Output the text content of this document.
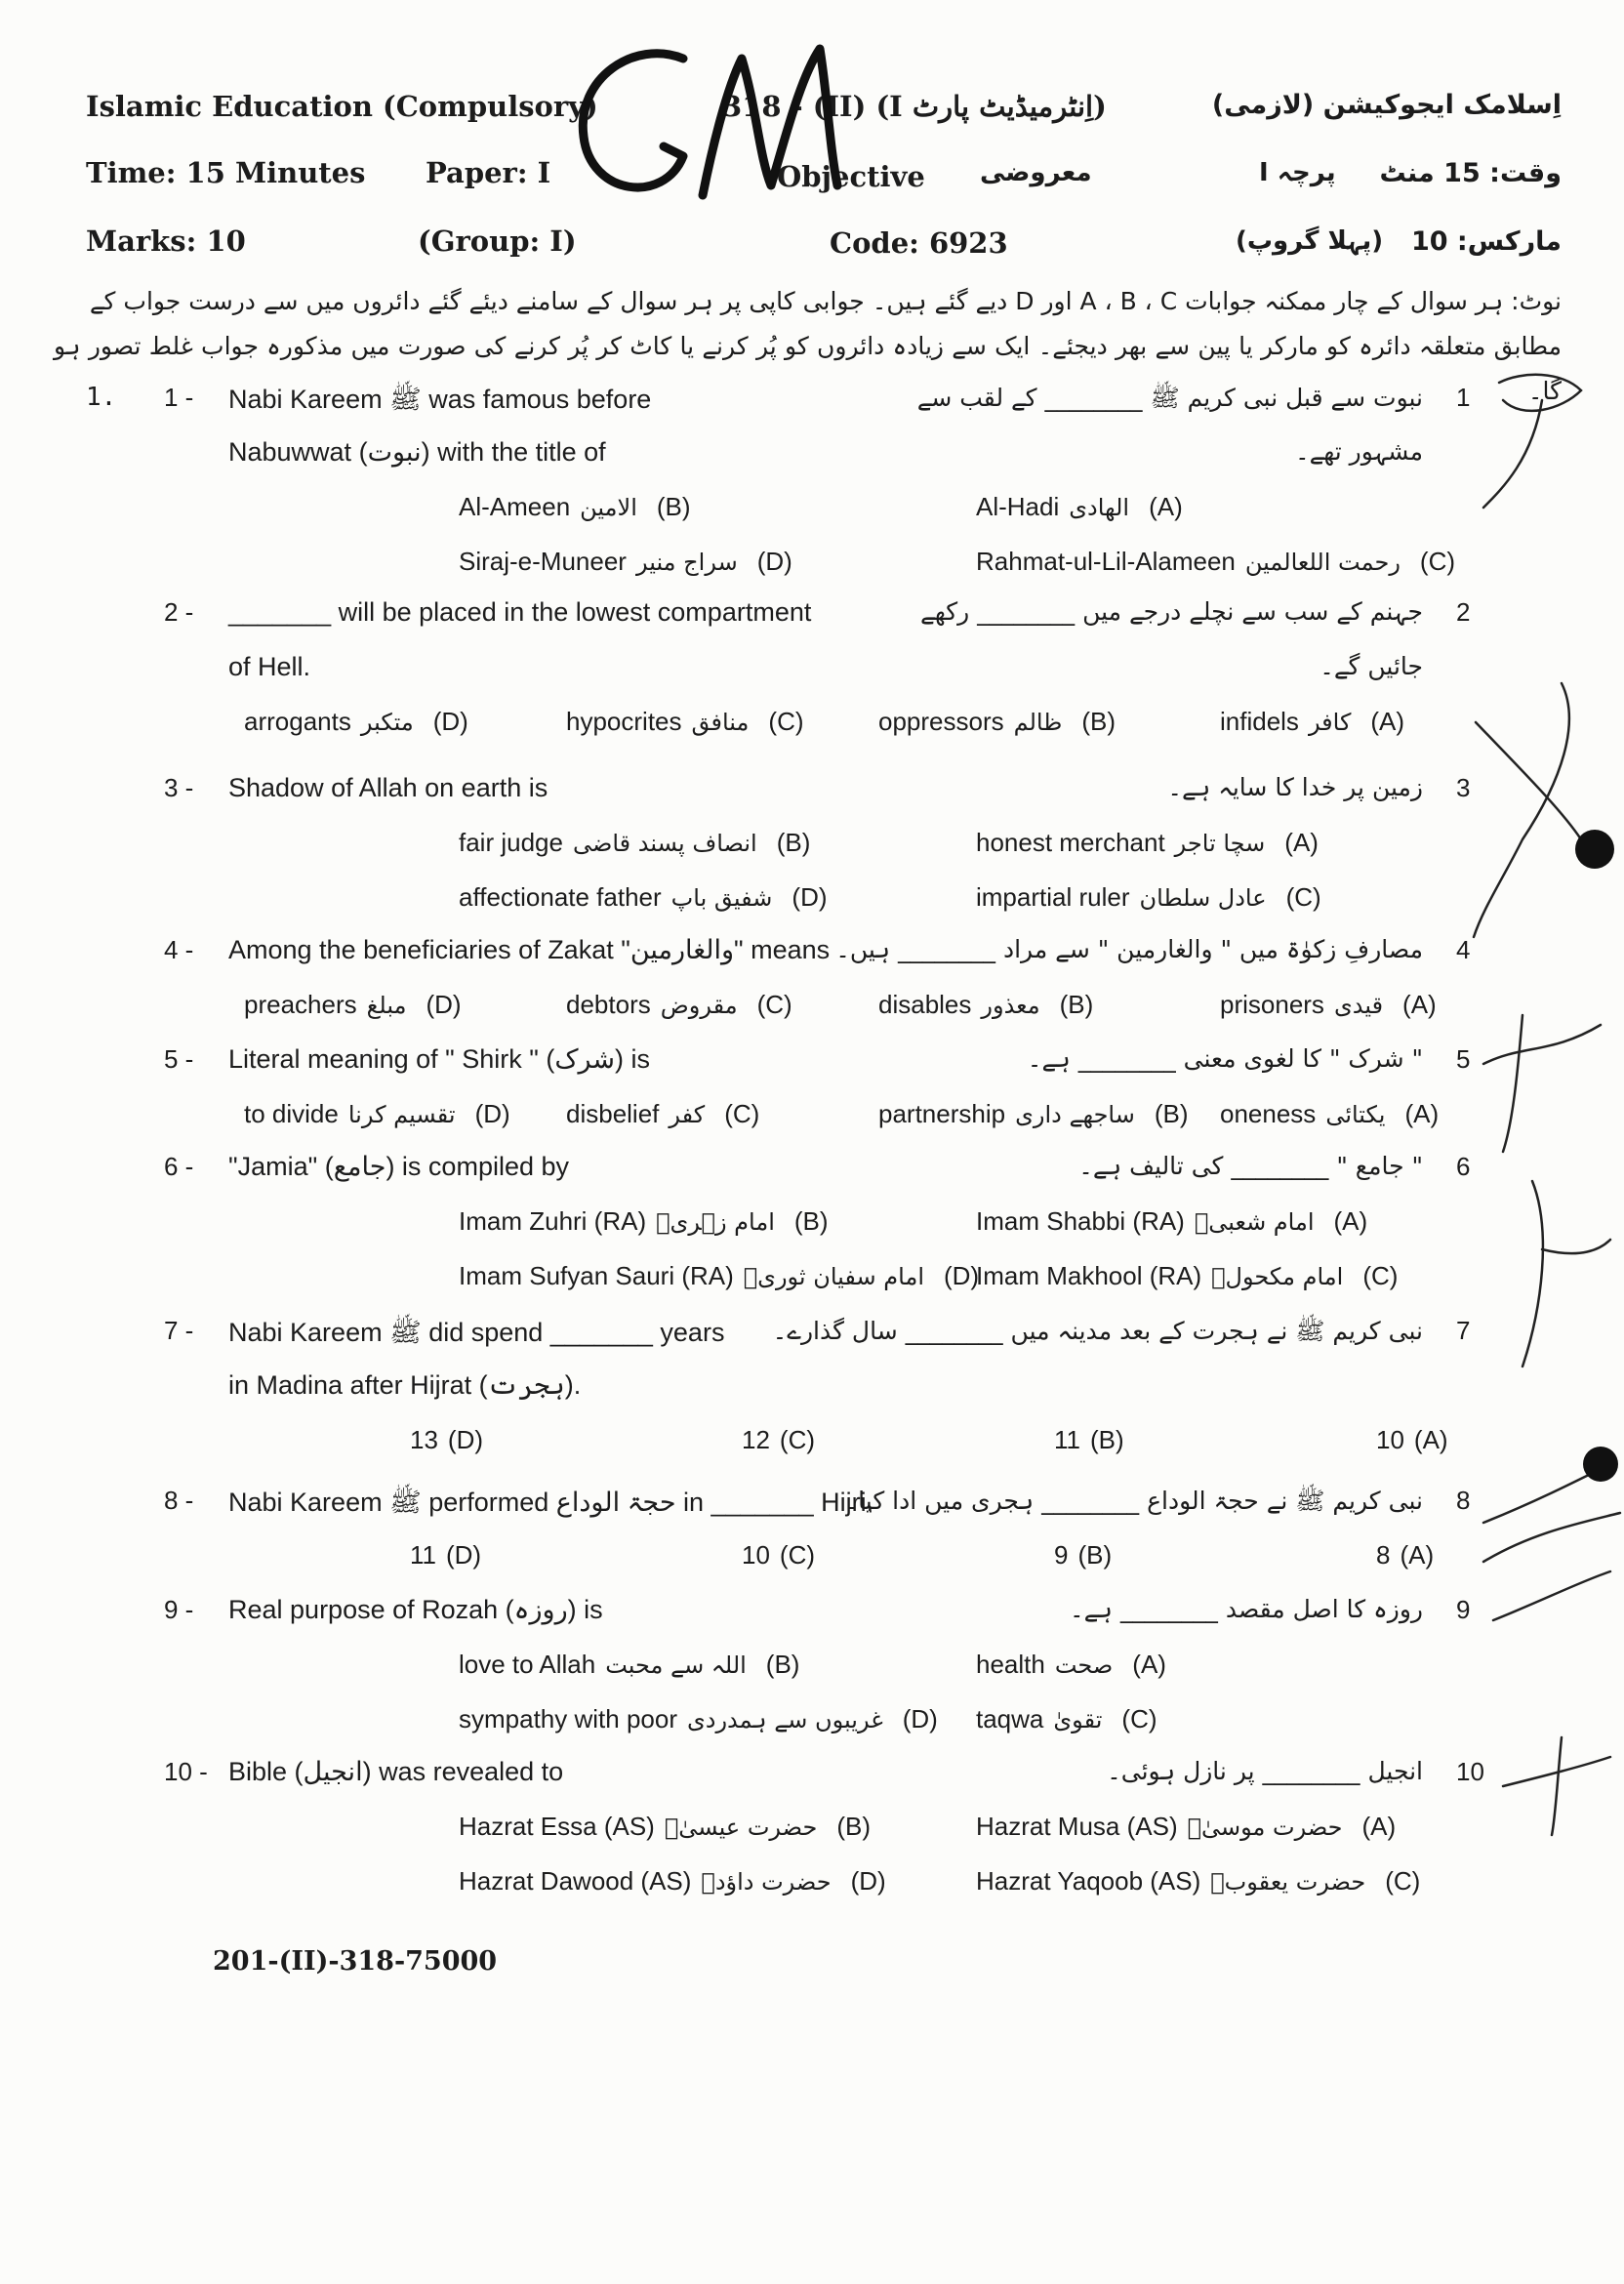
Islamic Education (Compulsory)	(اِنٹرمیڈیٹ پارٹ I) 318 - (II)	اِسلامک ایجوکیشن (لازمی)
Time: 15 Minutes Paper: I	Objective معروضی	پرچہ I وقت: 15 منٹ
Marks: 10	(Group: I)	Code: 6923	(پہلا گروپ) مارکس: 10
نوٹ: ہر سوال کے چار ممکنہ جوابات A ، B ، C اور D دیے گئے ہیں۔ جوابی کاپی پر ہر سوال کے سامنے دیئے گئے دائروں میں سے درست جواب کے
مطابق متعلقہ دائرہ کو مارکر یا پین سے بھر دیجئے۔ ایک سے زیادہ دائروں کو پُر کرنے یا کاٹ کر پُر کرنے کی صورت میں مذکورہ جواب غلط تصور ہو گا۔
1. 1 - Nabi Kareem ﷺ was famous before
Nabuwwat (نبوت) with the title of
نبوت سے قبل نبی کریم ﷺ ________ کے لقب سے
مشہور تھے۔
1
Al-Hadi الهادی (A)
Al-Ameen الامین (B)
Rahmat-ul-Lil-Alameen رحمت اللعالمین (C)
Siraj-e-Muneer سراج منیر (D)
2 - _______ will be placed in the lowest compartment
of Hell.
جہنم کے سب سے نچلے درجے میں ________ رکھے
جائیں گے۔
2
infidels کافر (A)
oppressors ظالم (B)
hypocrites منافق (C)
arrogants متکبر (D)
3 - Shadow of Allah on earth is	زمین پر خدا کا سایہ ہے۔ 3
honest merchant سچا تاجر (A)
fair judge انصاف پسند قاضی (B)
impartial ruler عادل سلطان (C)
affectionate father شفیق باپ (D)
4 - Among the beneficiaries of Zakat "والغارمین" means مصارفِ زکوٰۃ میں " والغارمین " سے مراد ________ ہیں۔ 4
prisoners قیدی (A)
disables معذور (B)
debtors مقروض (C)
preachers مبلغ (D)
5 - Literal meaning of " Shirk " (شرک) is	" شرک " کا لغوی معنی ________ ہے۔ 5
oneness یکتائی (A)
partnership ساجھے داری (B)
disbelief کفر (C)
to divide تقسیم کرنا (D)
6 - "Jamia" (جامع) is compiled by	" جامع " ________ کی تالیف ہے۔ 6
Imam Shabbi (RA) امام شعبیؒ (A)
Imam Zuhri (RA) امام زہریؒ (B)
Imam Makhool (RA) امام مکحولؒ (C)
Imam Sufyan Sauri (RA) امام سفیان ثوریؒ (D)
7 - Nabi Kareem ﷺ did spend _______ years
in Madina after Hijrat (ہجرت).
نبی کریم ﷺ نے ہجرت کے بعد مدینہ میں ________ سال گذارے۔ 7
10 (A)
11 (B)
12 (C)
13 (D)
8 - Nabi Kareem ﷺ performed حجۃ الوداع in _______ Hijri.
نبی کریم ﷺ نے حجۃ الوداع ________ ہجری میں ادا کیا۔ 8
8 (A)
9 (B)
10 (C)
11 (D)
9 - Real purpose of Rozah (روزہ) is	روزہ کا اصل مقصد ________ ہے۔ 9
health صحت (A)
love to Allah اللہ سے محبت (B)
taqwa تقویٰ (C)
sympathy with poor غریبوں سے ہمدردی (D)
10 - Bible (انجیل) was revealed to	انجیل ________ پر نازل ہوئی۔ 10
Hazrat Musa (AS) حضرت موسیٰؑ (A)
Hazrat Essa (AS) حضرت عیسیٰؑ (B)
Hazrat Yaqoob (AS) حضرت یعقوبؑ (C)
Hazrat Dawood (AS) حضرت داؤدؑ (D)
201-(II)-318-75000
